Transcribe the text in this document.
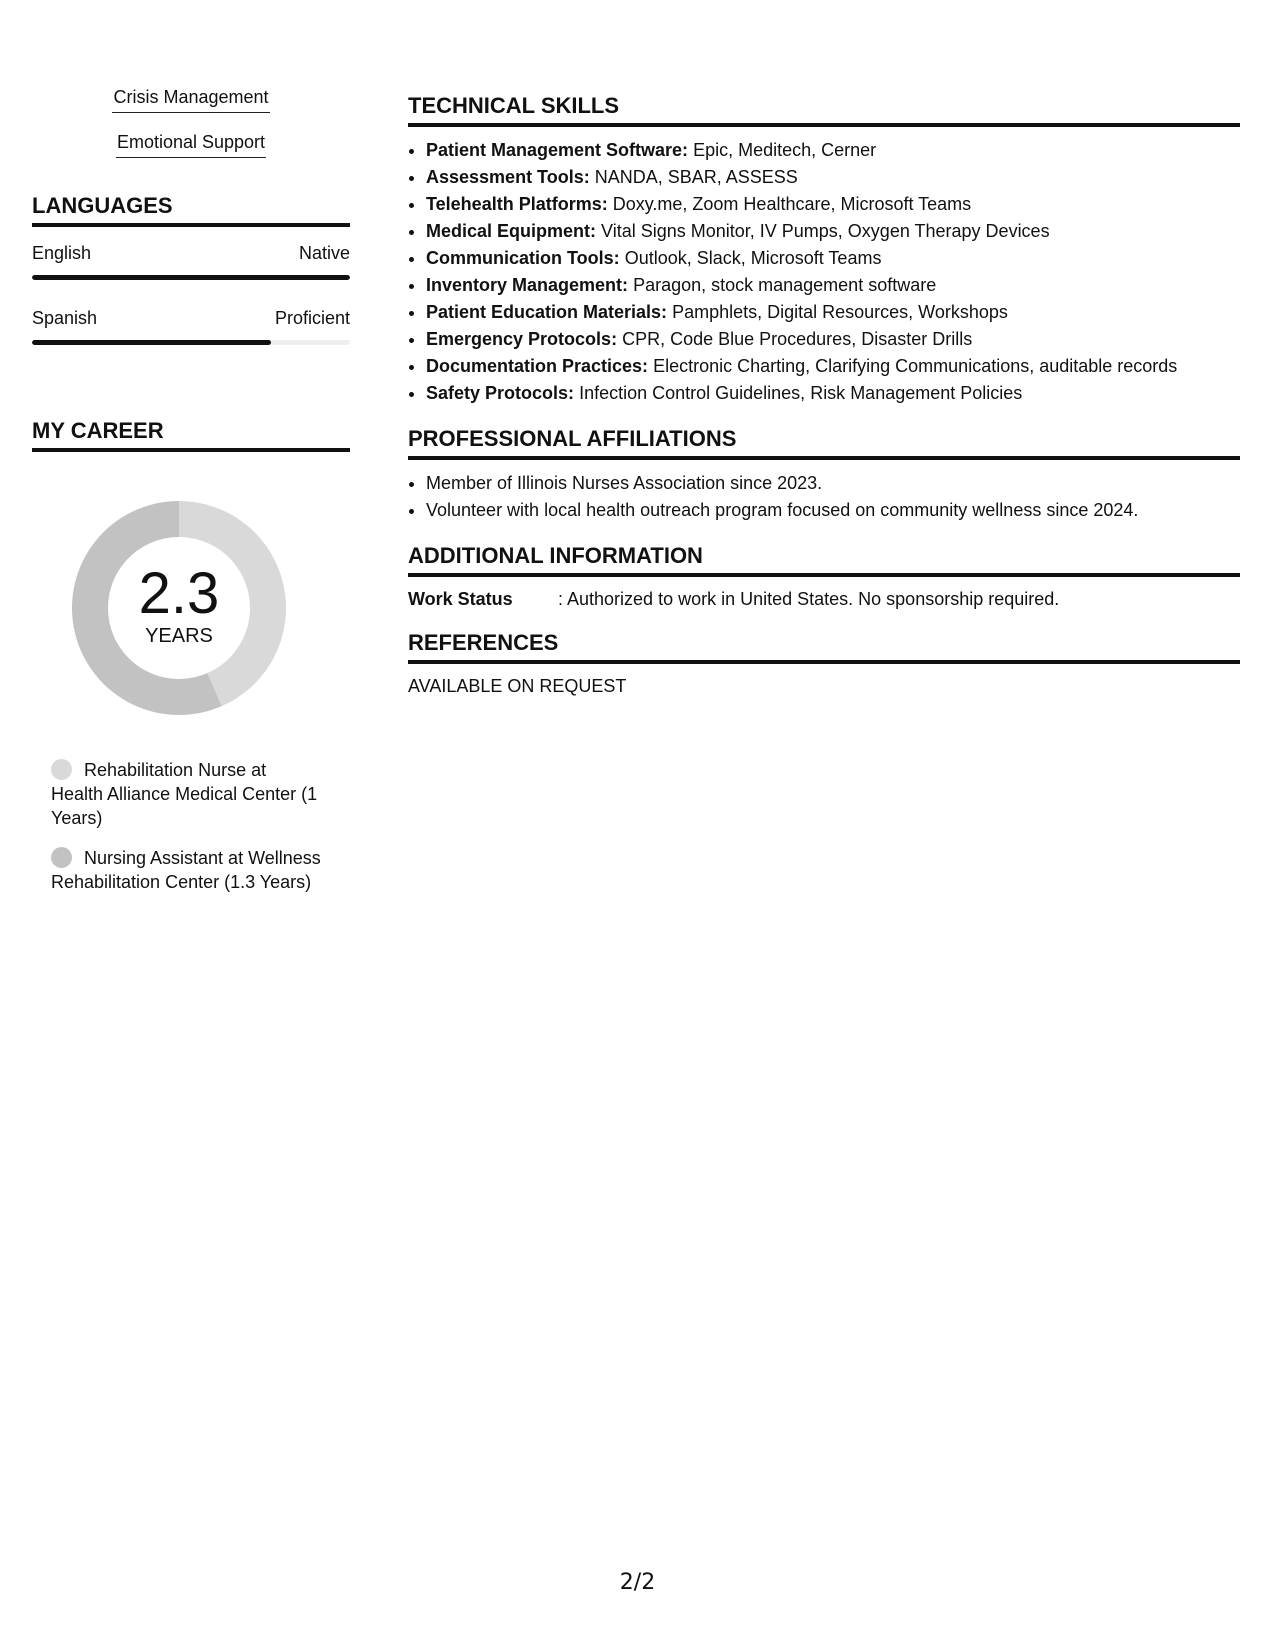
Crisis Management
Emotional Support
LANGUAGES
English	Native
Spanish	Proficient
MY CAREER
2.3
YEARS
Rehabilitation Nurse at Health Alliance Medical Center (1 Years)
Nursing Assistant at Wellness Rehabilitation Center (1.3 Years)
TECHNICAL SKILLS
• Patient Management Software: Epic, Meditech, Cerner
• Assessment Tools: NANDA, SBAR, ASSESS
• Telehealth Platforms: Doxy.me, Zoom Healthcare, Microsoft Teams
• Medical Equipment: Vital Signs Monitor, IV Pumps, Oxygen Therapy Devices
• Communication Tools: Outlook, Slack, Microsoft Teams
• Inventory Management: Paragon, stock management software
• Patient Education Materials: Pamphlets, Digital Resources, Workshops
• Emergency Protocols: CPR, Code Blue Procedures, Disaster Drills
• Documentation Practices: Electronic Charting, Clarifying Communications, auditable records
• Safety Protocols: Infection Control Guidelines, Risk Management Policies
PROFESSIONAL AFFILIATIONS
• Member of Illinois Nurses Association since 2023.
• Volunteer with local health outreach program focused on community wellness since 2024.
ADDITIONAL INFORMATION
Work Status	: Authorized to work in United States. No sponsorship required.
REFERENCES
AVAILABLE ON REQUEST
2/2
